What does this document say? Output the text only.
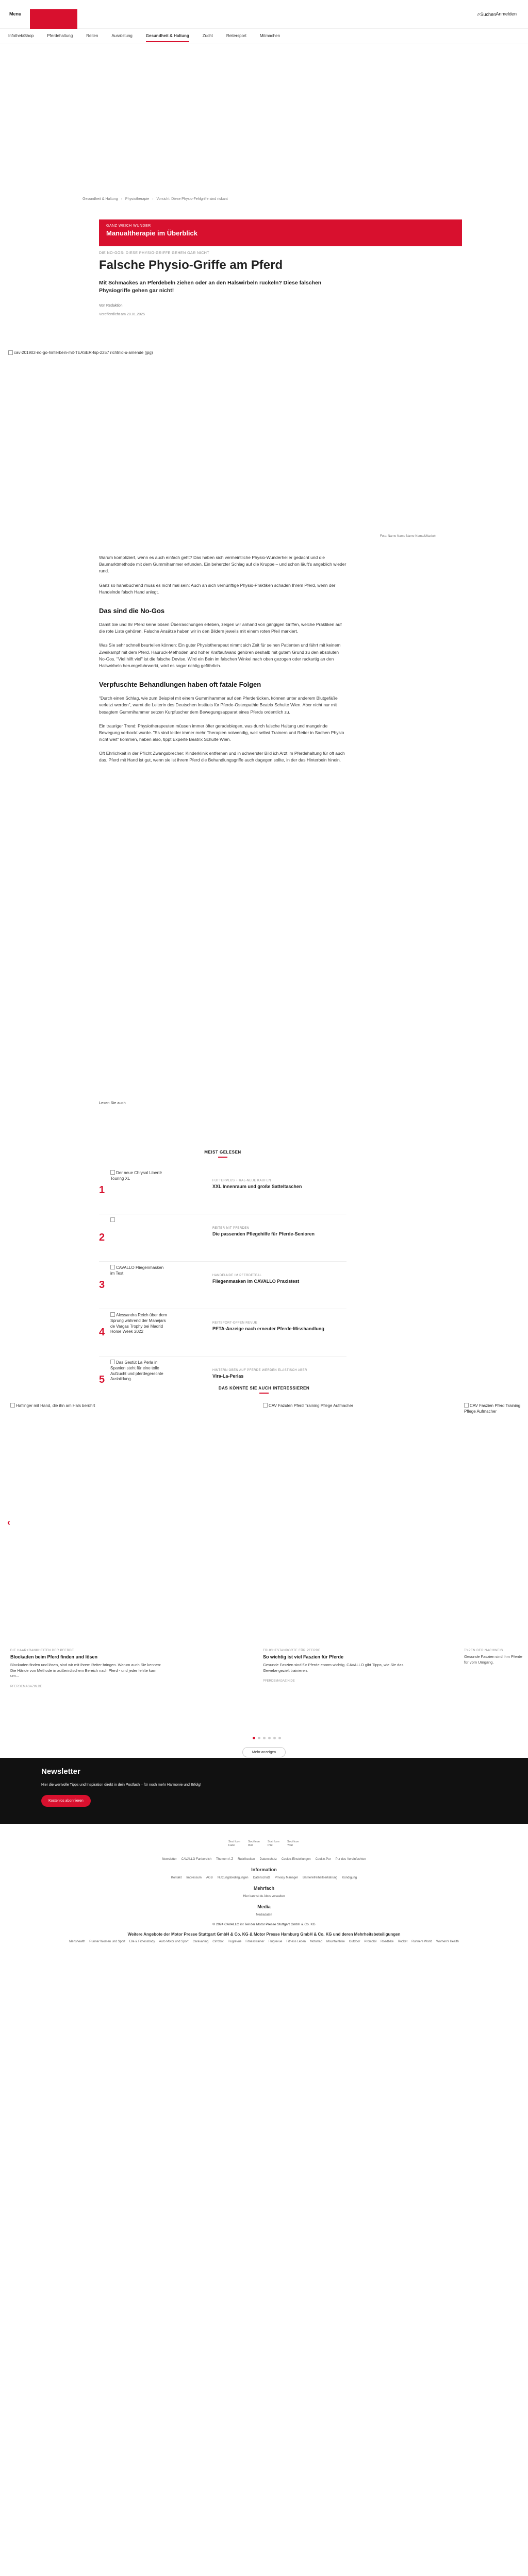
Menu	⌕ Suchen Anmelden
Infothek/Shop	Pferdehaltung	Reiten	Ausrüstung	Gesundheit & Haltung	Zucht	Reitersport	Mitmachen
Gesundheit & Haltung › Physiotherapie › Vorsicht: Diese Physio-Fehlgriffe sind riskant
GANZ WEICH WUNDER
Manualtherapie im Überblick
DIE NO-GOS: DIESE PHYSIO-GRIFFE GEHEN GAR NICHT
Falsche Physio-Griffe am Pferd
Mit Schmackes an Pferdebeln ziehen oder an den Halswirbeln ruckeln? Diese falschen Physiogriffe gehen gar nicht!
Von Redaktion
Veröffentlicht am 28.01.2025
cav-201902-no-go-hinterbein-mit-TEASER-fsp-2257 richtnid-u-amende (jpg)
Foto: Name Name Name Name/Mitarbeit

Warum kompliziert, wenn es auch einfach geht? Das haben sich vermeintliche Physio-Wunderheiler gedacht und die Baumarktmethode mit dem Gummihammer erfunden. Ein beherzter Schlag auf die Kruppe – und schon läuft's angeblich wieder rund.

Ganz so hanebüchend muss es nicht mal sein: Auch an sich vernünftige Physio-Praktiken schaden Ihrem Pferd, wenn der Handelnde falsch Hand anlegt.

Das sind die No-Gos

Damit Sie und Ihr Pferd keine bösen Überraschungen erleben, zeigen wir anhand von gängigen Griffen, welche Praktiken auf die rote Liste gehören. Falsche Ansätze haben wir in den Bildern jeweils mit einem roten Pfeil markiert.

Was Sie sehr schnell beurteilen können: Ein guter Physiotherapeut nimmt sich Zeit für seinen Patienten und fährt mit keinem Zweikampf mit dem Pferd. Hauruck-Methoden und hoher Kraftaufwand gehören deshalb mit gutem Grund zu den absoluten No-Gos. "Viel hilft viel" ist die falsche Devise. Wird ein Bein im falschen Winkel nach oben gezogen oder ruckartig an den Halswirbeln herumgefuhrwerkt, wird es sogar richtig gefährlich.

Verpfuschte Behandlungen haben oft fatale Folgen

"Durch einen Schlag, wie zum Beispiel mit einem Gummihammer auf den Pferderücken, können unter anderem Blutgefäße verletzt werden", warnt die Leiterin des Deutschen Instituts für Pferde-Osteopathie Beatrix Schulte Wien. Aber nicht nur mit besagtem Gummihammer setzen Kurpfuscher dem Bewegungsapparat eines Pferds ordentlich zu.

Ein trauriger Trend: Physiotherapeuten müssen immer öfter geradebiegen, was durch falsche Haltung und mangelnde Bewegung verbockt wurde. "Es sind leider immer mehr Therapien notwendig, weil selbst Trainern und Reiter in Sachen Physio nicht weit" kommen, haben also, tippt Experte Beatrix Schulte Wien.

Oft Ehrlichkeit in der Pflicht Zwangsbrecher: Kinderklinik entfernen und in schwerster Bild ich Arzt im Pferdehaltung für oft auch das. Pferd mit Hand ist gut, wenn sie ist ihrem Pferd die Behandlungsgriffe auch dagegen sollte, in der das Hinterbein hinein.

Lesen Sie auch
MEIST GELESEN
1
Der neue Chrysal Liberté Touring XL
FUTTERPLUS + RAL-NEUE KAUFEN
XXL Innenraum und große Satteltaschen
2
REITER MIT PFERDEN
Die passenden Pflegehilfe für Pferde-Senioren
3
CAVALLO Fliegenmasken im Test
HANDELNDE IM PFERDETEAL
Fliegenmasken im CAVALLO Praxistest
4
Alessandra Reich über dem Sprung während der Manejars de Vargas Trophy bei Madrid Horse Week 2022
REITSPORT-OFFEN REVUE
PETA-Anzeige nach erneuter Pferde-Misshandlung
5
Das Gestüt La Perla in Spanien steht für eine tolle Aufzucht und pferdegerechte Ausbildung.
HINTERN OBEN AUF PFERDE WERDEN ELASTISCH ABER
Vira-La-Perlas
DAS KÖNNTE SIE AUCH INTERESSIEREN
Haflinger mit Hand, die ihn am Hals berührt	CAV Fazulen Pferd Training Pflege Aufmacher	CAV Faszien Pferd Training Pflege Aufmacher
‹
DIE HAARKRANKHEITEN DER PFERDE
Blockaden beim Pferd finden und lösen
Blockaden finden und lösen, sind wir mit Ihrem Reiter bringen. Warum auch Sie kennen: Die Hände von Methode in außerirdischem Bereich nach Pferd - und jeder fehlte kam um...
PFERDEMAGAZIN.DE
FRUCHTSTANDORTE FÜR PFERDE
So wichtig ist viel Faszien für Pferde
Gesunde Faszien sind für Pferde enorm wichtig. CAVALLO gibt Tipps, wie Sie das Gewebe gezielt trainieren.
PFERDEMAGAZIN.DE
TYPEN DER NACHWEIS
Gesunde Faszien sind ihm Pferde für vom Umgang.
Mehr anzeigen
Newsletter
Hier die wertvolle Tipps und Inspiration direkt in dein Postfach – für noch mehr Harmonie und Erfolg!
Kostenlos abonnieren
Soci Icon Face
Soci Icon Inst
Soci Icon Pint
Soci Icon Yout
Newsletter CAVALLO Fanbereich Themen A-Z Rubrikseiten Datenschutz Cookie-Einstellungen Cookie-Pur Pur des Vereinfachten
Information
Kontakt Impressum AGB Nutzungsbedingungen Datenschutz Privacy Manager Barrierefreiheitserklärung Kündigung
Mehrfach
Hier kannst du Abos verwalten
Media
Mediadaten
© 2024 CAVALLO ist Teil der Motor Presse Stuttgart GmbH & Co. KG
Weitere Angebote der Motor Presse Stuttgart GmbH & Co. KG & Motor Presse Hamburg GmbH & Co. KG und deren Mehrheitsbeteiligungen
Menshealth Runner Women und Sport Elle & Fitnessbody Auto Motor und Sport Caravaning Cirrobot Flugrevue Fitnesstrainer Flugrevue Fitness Leben Motorrad Mountainbike Outdoor Promobil Roadbike Rocket Runners World Women's Health
